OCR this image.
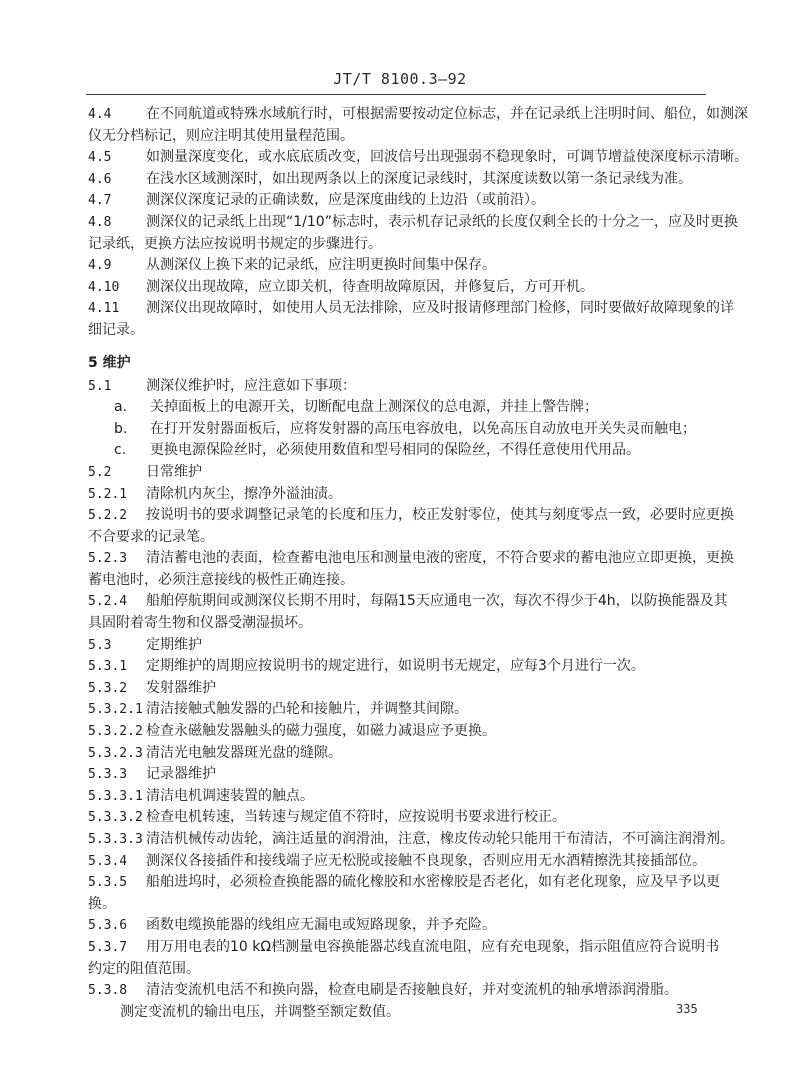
JT/T 8100.3—92
4.4 在不同航道或特殊水域航行时，可根据需要按动定位标志，并在记录纸上注明时间、船位，如测深
仪无分档标记，则应注明其使用量程范围。
4.5 如测量深度变化，或水底底质改变，回波信号出现强弱不稳现象时，可调节增益使深度标示清晰。
4.6 在浅水区域测深时，如出现两条以上的深度记录线时，其深度读数以第一条记录线为准。
4.7 测深仪深度记录的正确读数，应是深度曲线的上边沿（或前沿）。
4.8 测深仪的记录纸上出现“1/10”标志时，表示机存记录纸的长度仅剩全长的十分之一，应及时更换
记录纸，更换方法应按说明书规定的步骤进行。
4.9 从测深仪上换下来的记录纸，应注明更换时间集中保存。
4.10 测深仪出现故障，应立即关机，待查明故障原因，并修复后，方可开机。
4.11 测深仪出现故障时，如使用人员无法排除，应及时报请修理部门检修，同时要做好故障现象的详
细记录。
5 维护
5.1 测深仪维护时，应注意如下事项：
a. 关掉面板上的电源开关，切断配电盘上测深仪的总电源，并挂上警告牌；
b. 在打开发射器面板后，应将发射器的高压电容放电，以免高压自动放电开关失灵而触电；
c. 更换电源保险丝时，必须使用数值和型号相同的保险丝，不得任意使用代用品。
5.2 日常维护
5.2.1 清除机内灰尘，擦净外溢油渍。
5.2.2 按说明书的要求调整记录笔的长度和压力，校正发射零位，使其与刻度零点一致，必要时应更换
不合要求的记录笔。
5.2.3 清洁蓄电池的表面，检查蓄电池电压和测量电液的密度，不符合要求的蓄电池应立即更换，更换
蓄电池时，必须注意接线的极性正确连接。
5.2.4 船舶停航期间或测深仪长期不用时，每隔15天应通电一次，每次不得少于4h，以防换能器及其
具固附着寄生物和仪器受潮湿损坏。
5.3 定期维护
5.3.1 定期维护的周期应按说明书的规定进行，如说明书无规定，应每3个月进行一次。
5.3.2 发射器维护
5.3.2.1 清洁接触式触发器的凸轮和接触片，并调整其间隙。
5.3.2.2 检查永磁触发器触头的磁力强度，如磁力减退应予更换。
5.3.2.3 清洁光电触发器斑光盘的缝隙。
5.3.3 记录器维护
5.3.3.1 清洁电机调速装置的触点。
5.3.3.2 检查电机转速，当转速与规定值不符时，应按说明书要求进行校正。
5.3.3.3 清洁机械传动齿轮，滴注适量的润滑油，注意，橡皮传动轮只能用干布清洁，不可滴注润滑剂。
5.3.4 测深仪各接插件和接线端子应无松脱或接触不良现象，否则应用无水酒精擦洗其接插部位。
5.3.5 船舶进坞时，必须检查换能器的硫化橡胶和水密橡胶是否老化，如有老化现象，应及早予以更
换。
5.3.6 函数电缆换能器的线组应无漏电或短路现象，并予充险。
5.3.7 用万用电表的10 kΩ档测量电容换能器芯线直流电阻，应有充电现象，指示阻值应符合说明书
约定的阻值范围。
5.3.8 清洁变流机电活不和换向器，检查电刷是否接触良好，并对变流机的轴承增添润滑脂。
测定变流机的输出电压，并调整至额定数值。	335
